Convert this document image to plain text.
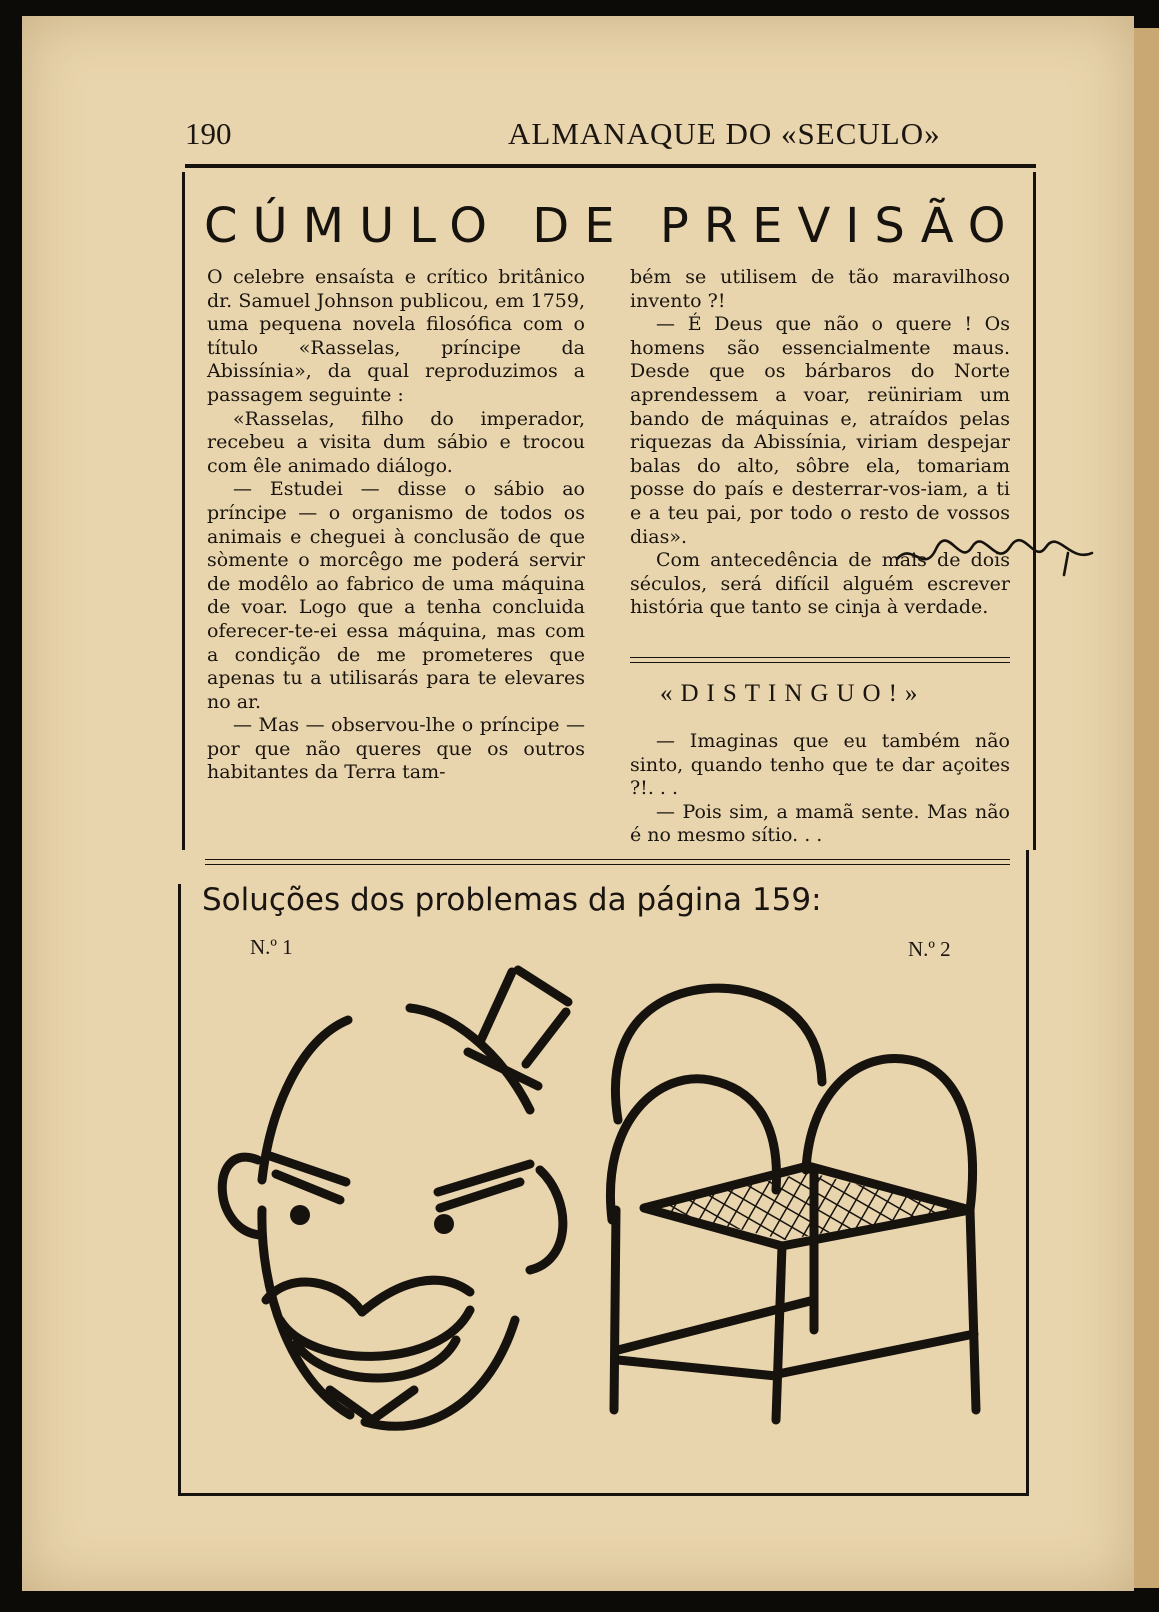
190	ALMANAQUE DO «SECULO»
CÚMULO DE PREVISÃO

O celebre ensaísta e crítico britânico dr. Samuel Johnson publicou, em 1759, uma pequena novela filosófica com o título «Rasselas, príncipe da Abissínia», da qual reproduzimos a passagem seguinte :

«Rasselas, filho do imperador, recebeu a visita dum sábio e trocou com êle animado diálogo.

— Estudei — disse o sábio ao príncipe — o organismo de todos os animais e cheguei à conclusão de que sòmente o morcêgo me poderá servir de modêlo ao fabrico de uma máquina de voar. Logo que a tenha concluida oferecer-te-ei essa máquina, mas com a condição de me prometeres que apenas tu a utilisarás para te elevares no ar.

— Mas — observou-lhe o príncipe — por que não queres que os outros habitantes da Terra tam-

bém se utilisem de tão maravilhoso invento ?!

— É Deus que não o quere ! Os homens são essencialmente maus. Desde que os bárbaros do Norte aprendessem a voar, reüniriam um bando de máquinas e, atraídos pelas riquezas da Abissínia, viriam despejar balas do alto, sôbre ela, tomariam posse do país e desterrar-vos-iam, a ti e a teu pai, por todo o resto de vossos dias».

Com antecedência de mais de dois séculos, será difícil alguém escrever história que tanto se cinja à verdade.

«DISTINGUO!»

— Imaginas que eu também não sinto, quando tenho que te dar açoites ?!. . .

— Pois sim, a mamã sente. Mas não é no mesmo sítio. . .

Soluções dos problemas da página 159:
N.º 1	N.º 2
